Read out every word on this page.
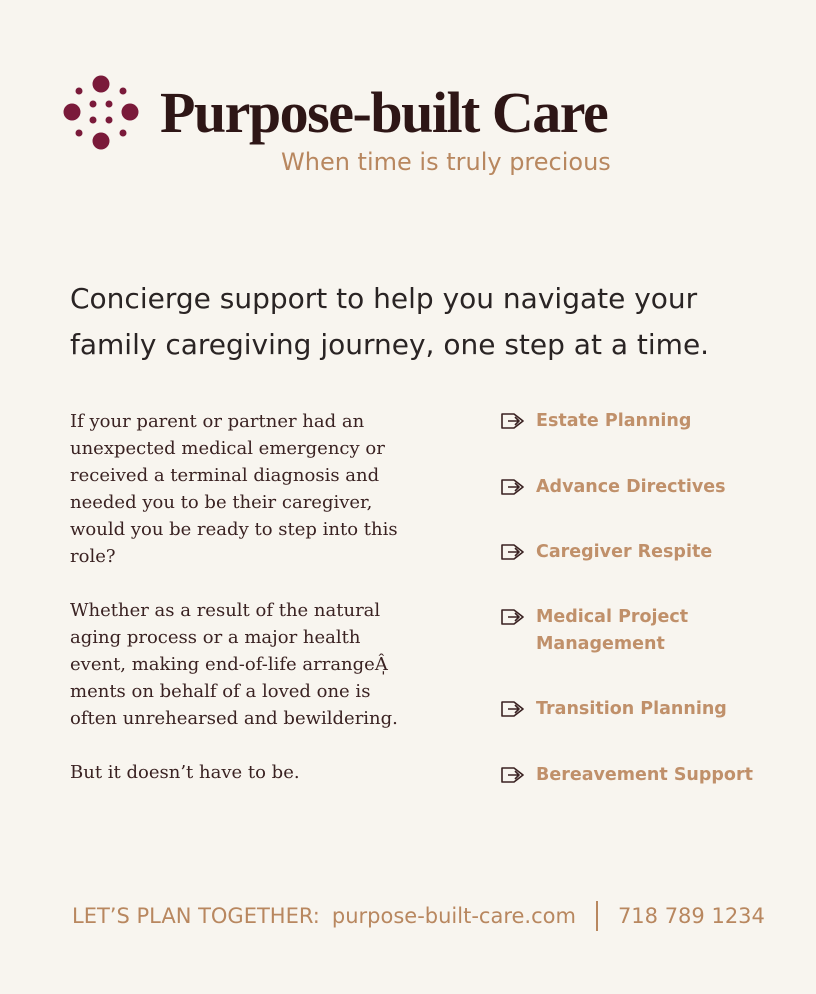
Purpose-built Care
When time is truly precious
Concierge support to help you navigate your
family caregiving journey, one step at a time.

If your parent or partner had an
unexpected medical emergency or
received a terminal diagnosis and
needed you to be their caregiver,
would you be ready to step into this
role?

Whether as a result of the natural
aging process or a major health
event, making end-of-life arrangeÂ̩
ments on behalf of a loved one is
often unrehearsed and bewildering.

But it doesn’t have to be.

Estate Planning
Advance Directives
Caregiver Respite
Medical Project
Management
Transition Planning
Bereavement Support
LET’S PLAN TOGETHER: purpose-built-care.com 718 789 1234
